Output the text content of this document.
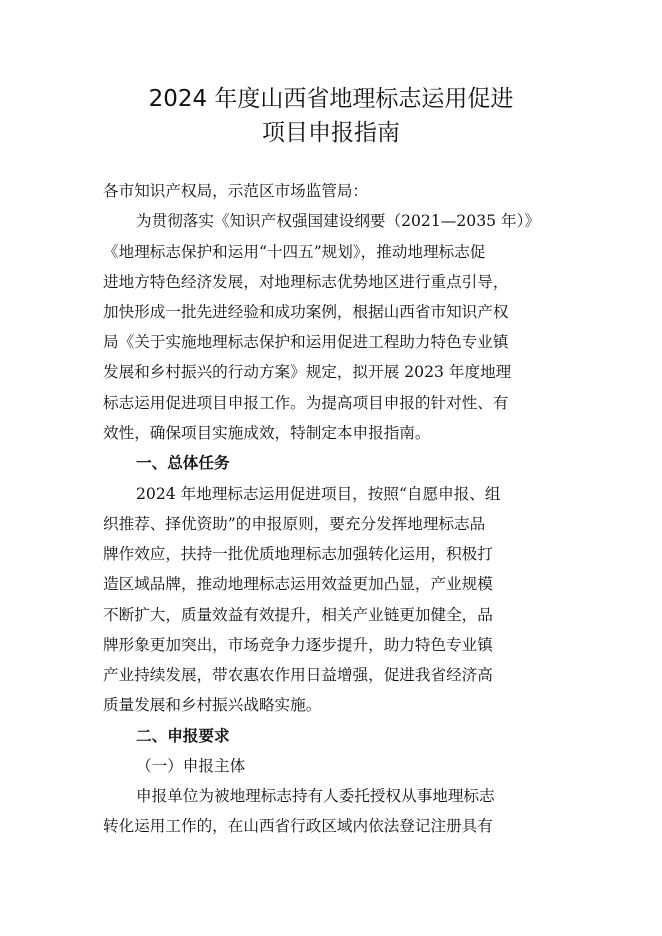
2024 年度山西省地理标志运用促进
项目申报指南
各市知识产权局，示范区市场监管局：
为贯彻落实《知识产权强国建设纲要（2021—2035 年）》
《地理标志保护和运用“十四五”规划》，推动地理标志促
进地方特色经济发展，对地理标志优势地区进行重点引导，
加快形成一批先进经验和成功案例，根据山西省市知识产权
局《关于实施地理标志保护和运用促进工程助力特色专业镇
发展和乡村振兴的行动方案》规定，拟开展 2023 年度地理
标志运用促进项目申报工作。为提高项目申报的针对性、有
效性，确保项目实施成效，特制定本申报指南。
一、总体任务
2024 年地理标志运用促进项目，按照“自愿申报、组
织推荐、择优资助”的申报原则，要充分发挥地理标志品
牌作效应，扶持一批优质地理标志加强转化运用，积极打
造区域品牌，推动地理标志运用效益更加凸显，产业规模
不断扩大，质量效益有效提升，相关产业链更加健全，品
牌形象更加突出，市场竞争力逐步提升，助力特色专业镇
产业持续发展，带农惠农作用日益增强，促进我省经济高
质量发展和乡村振兴战略实施。
二、申报要求
（一）申报主体
申报单位为被地理标志持有人委托授权从事地理标志
转化运用工作的，在山西省行政区域内依法登记注册具有
